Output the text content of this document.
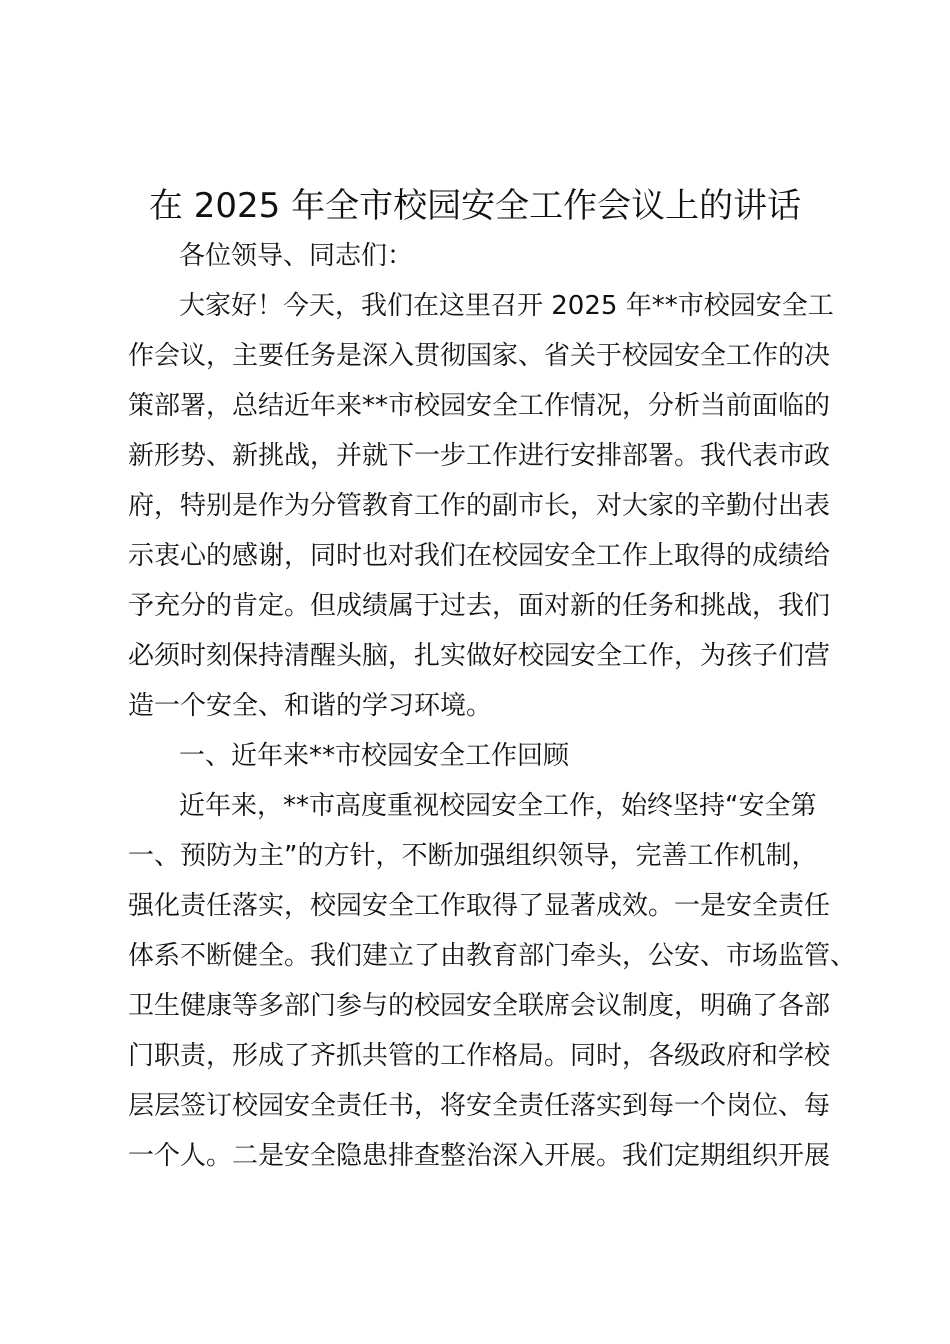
在 2025 年全市校园安全工作会议上的讲话
各位领导、同志们：
大家好！今天，我们在这里召开 2025 年**市校园安全工
作会议，主要任务是深入贯彻国家、省关于校园安全工作的决
策部署，总结近年来**市校园安全工作情况，分析当前面临的
新形势、新挑战，并就下一步工作进行安排部署。我代表市政
府，特别是作为分管教育工作的副市长，对大家的辛勤付出表
示衷心的感谢，同时也对我们在校园安全工作上取得的成绩给
予充分的肯定。但成绩属于过去，面对新的任务和挑战，我们
必须时刻保持清醒头脑，扎实做好校园安全工作，为孩子们营
造一个安全、和谐的学习环境。
一、近年来**市校园安全工作回顾
近年来，**市高度重视校园安全工作，始终坚持“安全第
一、预防为主”的方针，不断加强组织领导，完善工作机制，
强化责任落实，校园安全工作取得了显著成效。一是安全责任
体系不断健全。我们建立了由教育部门牵头，公安、市场监管、
卫生健康等多部门参与的校园安全联席会议制度，明确了各部
门职责，形成了齐抓共管的工作格局。同时，各级政府和学校
层层签订校园安全责任书，将安全责任落实到每一个岗位、每
一个人。二是安全隐患排查整治深入开展。我们定期组织开展
